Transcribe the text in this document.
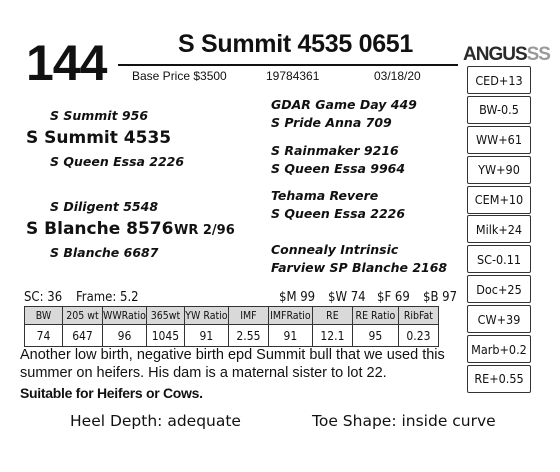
144	S Summit 4535 0651
Base Price $3500	19784361	03/18/20
ANGUSSS
S Summit 956
S Summit 4535
S Queen Essa 2226
S Diligent 5548
S Blanche 8576 WR 2/96
S Blanche 6687
GDAR Game Day 449
S Pride Anna 709
S Rainmaker 9216
S Queen Essa 9964
Tehama Revere
S Queen Essa 2226
Connealy Intrinsic
Farview SP Blanche 2168
CED+13
BW-0.5
WW+61
YW+90
CEM+10
Milk+24
SC-0.11
Doc+25
CW+39
Marb+0.2
RE+0.55
SC: 36 Frame: 5.2	$M 99 $W 74 $F 69 $B 97
BW	205 wt	WWRatio	365wt	YW Ratio	IMF	IMFRatio	RE	RE Ratio	RibFat
74	647	96	1045	91	2.55	91	12.1	95	0.23
Another low birth, negative birth epd Summit bull that we used this summer on heifers. His dam is a maternal sister to lot 22.
Suitable for Heifers or Cows.
Heel Depth: adequate	Toe Shape: inside curve
